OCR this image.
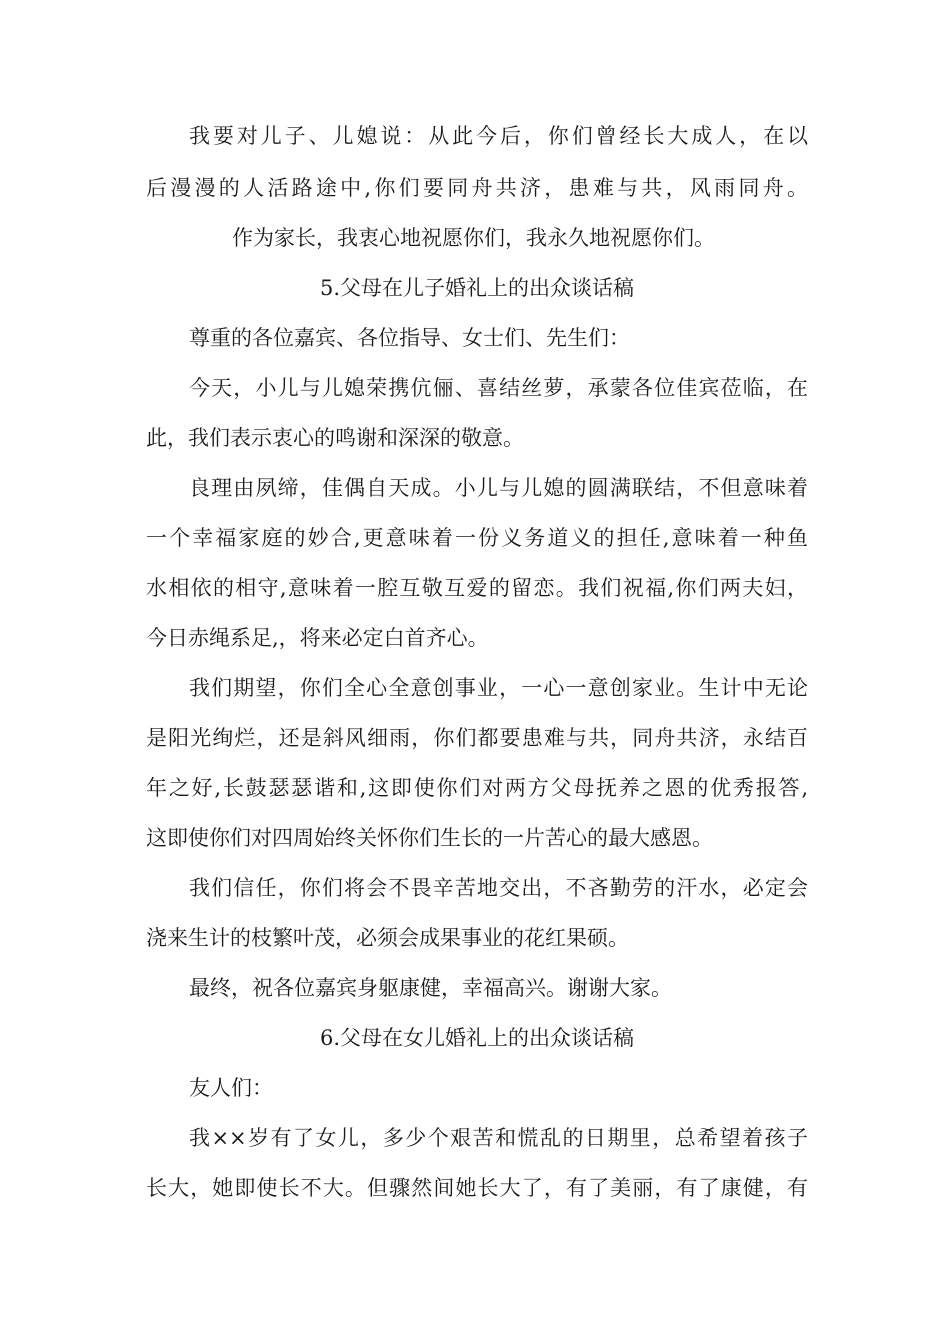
我要对儿子、儿媳说：从此今后，你们曾经长大成人，在以
后漫漫的人活路途中,你们要同舟共济，患难与共，风雨同舟。
作为家长，我衷心地祝愿你们，我永久地祝愿你们。
5.父母在儿子婚礼上的出众谈话稿
尊重的各位嘉宾、各位指导、女士们、先生们：
今天，小儿与儿媳荣携伉俪、喜结丝萝，承蒙各位佳宾莅临，在
此，我们表示衷心的鸣谢和深深的敬意。
良理由夙缔，佳偶自天成。小儿与儿媳的圆满联结，不但意味着
一个幸福家庭的妙合,更意味着一份义务道义的担任,意味着一种鱼
水相依的相守,意味着一腔互敬互爱的留恋。我们祝福,你们两夫妇，
今日赤绳系足,，将来必定白首齐心。
我们期望，你们全心全意创事业，一心一意创家业。生计中无论
是阳光绚烂，还是斜风细雨，你们都要患难与共，同舟共济，永结百
年之好,长鼓瑟瑟谐和,这即使你们对两方父母抚养之恩的优秀报答,
这即使你们对四周始终关怀你们生长的一片苦心的最大感恩。
我们信任，你们将会不畏辛苦地交出，不吝勤劳的汗水，必定会
浇来生计的枝繁叶茂，必须会成果事业的花红果硕。
最终，祝各位嘉宾身躯康健，幸福高兴。谢谢大家。
6.父母在女儿婚礼上的出众谈话稿
友人们：
我××岁有了女儿，多少个艰苦和慌乱的日期里，总希望着孩子
长大，她即使长不大。但骤然间她长大了，有了美丽，有了康健，有
